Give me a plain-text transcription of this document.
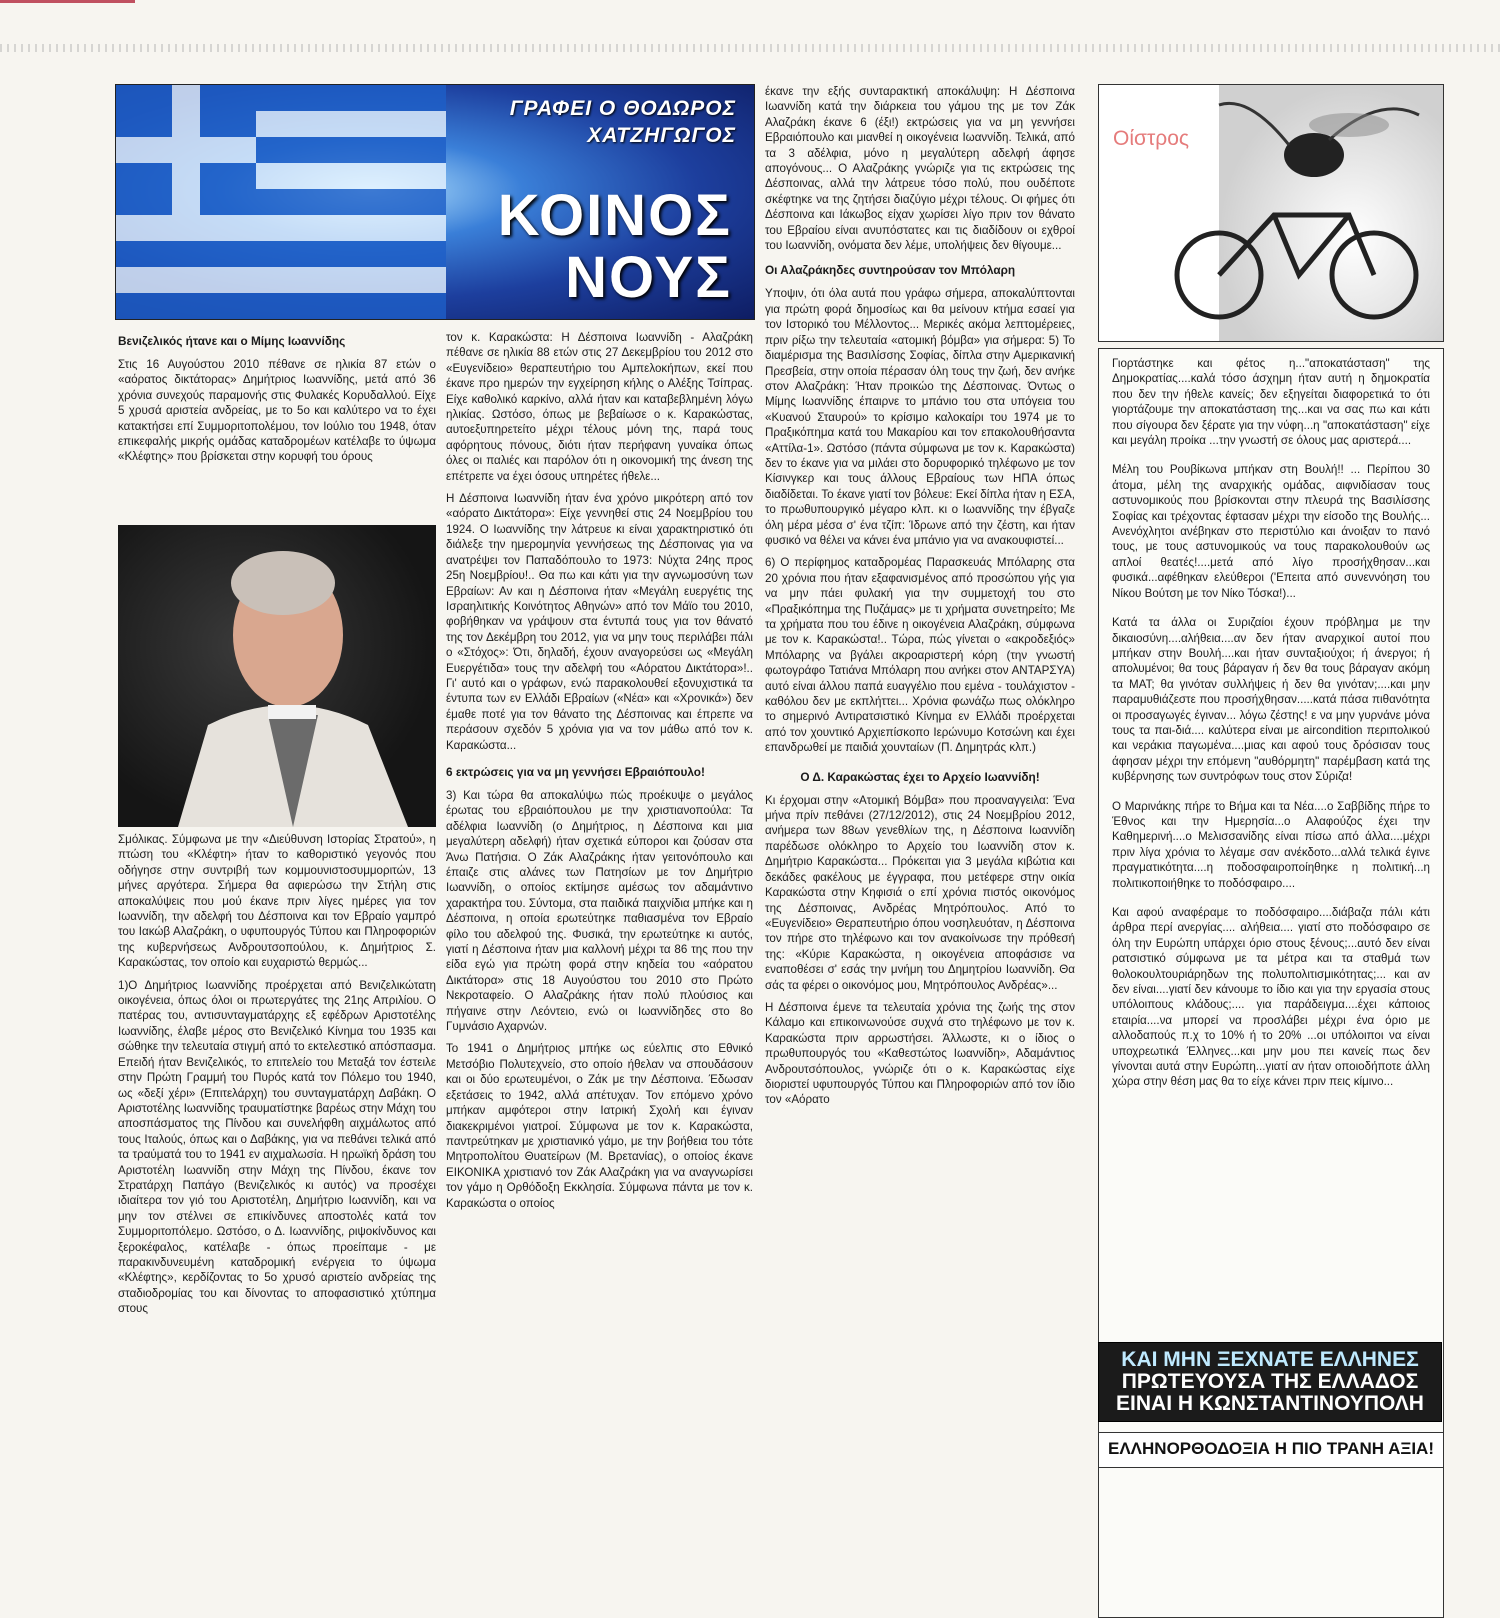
ΓΡΑΦΕΙ Ο ΘΟΔΩΡΟΣ
ΧΑΤΖΗΓΩΓΟΣ
ΚΟΙΝΟΣ
ΝΟΥΣ
Βενιζελικός ήτανε και ο Μίμης Ιωαννίδης

Στις 16 Αυγούστου 2010 πέθανε σε ηλικία 87 ετών ο «αόρατος δικτάτορας» Δημήτριος Ιωαννίδης, μετά από 36 χρόνια συνεχούς παραμονής στις Φυλακές Κορυδαλλού. Είχε 5 χρυσά αριστεία ανδρείας, με το 5ο και καλύτερο να το έχει κατακτήσει επί Συμμοριτοπολέμου, τον Ιούλιο του 1948, όταν επικεφαλής μικρής ομάδας καταδρομέων κατέλαβε το ύψωμα «Κλέφτης» που βρίσκεται στην κορυφή του όρους

Σμόλικας. Σύμφωνα με την «Διεύθυνση Ιστορίας Στρατού», η πτώση του «Κλέφτη» ήταν το καθοριστικό γεγονός που οδήγησε στην συντριβή των κομμουνιστοσυμμοριτών, 13 μήνες αργότερα. Σήμερα θα αφιερώσω την Στήλη στις αποκαλύψεις που μού έκανε πριν λίγες ημέρες για τον Ιωαννίδη, την αδελφή του Δέσποινα και τον Εβραίο γαμπρό του Ιακώβ Αλαζράκη, ο υφυπουργός Τύπου και Πληροφοριών της κυβερνήσεως Ανδρουτσοπούλου, κ. Δημήτριος Σ. Καρακώστας, τον οποίο και ευχαριστώ θερμώς...

1)Ο Δημήτριος Ιωαννίδης προέρχεται από Βενιζελικώτατη οικογένεια, όπως όλοι οι πρωτεργάτες της 21ης Απριλίου. Ο πατέρας του, αντισυνταγματάρχης εξ εφέδρων Αριστοτέλης Ιωαννίδης, έλαβε μέρος στο Βενιζελικό Κίνημα του 1935 και σώθηκε την τελευταία στιγμή από το εκτελεστικό απόσπασμα. Επειδή ήταν Βενιζελικός, το επιτελείο του Μεταξά τον έστειλε στην Πρώτη Γραμμή του Πυρός κατά τον Πόλεμο του 1940, ως «δεξί χέρι» (Επιτελάρχη) του συνταγματάρχη Δαβάκη. Ο Αριστοτέλης Ιωαννίδης τραυματίστηκε βαρέως στην Μάχη του αποσπάσματος της Πίνδου και συνελήφθη αιχμάλωτος από τους Ιταλούς, όπως και ο Δαβάκης, για να πεθάνει τελικά από τα τραύματά του το 1941 εν αιχμαλωσία. Η ηρωϊκή δράση του Αριστοτέλη Ιωαννίδη στην Μάχη της Πίνδου, έκανε τον Στρατάρχη Παπάγο (Βενιζελικός κι αυτός) να προσέχει ιδιαίτερα τον γιό του Αριστοτέλη, Δημήτριο Ιωαννίδη, και να μην τον στέλνει σε επικίνδυνες αποστολές κατά τον Συμμοριτοπόλεμο. Ωστόσο, ο Δ. Ιωαννίδης, ριψοκίνδυνος και ξεροκέφαλος, κατέλαβε - όπως προείπαμε - με παρακινδυνευμένη καταδρομική ενέργεια το ύψωμα «Κλέφτης», κερδίζοντας το 5ο χρυσό αριστείο ανδρείας της σταδιοδρομίας του και δίνοντας το αποφασιστικό χτύπημα στους

τον κ. Καρακώστα: Η Δέσποινα Ιωαννίδη - Αλαζράκη πέθανε σε ηλικία 88 ετών στις 27 Δεκεμβρίου του 2012 στο «Ευγενίδειο» θεραπευτήριο του Αμπελοκήπων, εκεί που έκανε προ ημερών την εγχείρηση κήλης ο Αλέξης Τσίπρας. Είχε καθολικό καρκίνο, αλλά ήταν και καταβεβλημένη λόγω ηλικίας. Ωστόσο, όπως με βεβαίωσε ο κ. Καρακώστας, αυτοεξυπηρετείτο μέχρι τέλους μόνη της, παρά τους αφόρητους πόνους, διότι ήταν περήφανη γυναίκα όπως όλες οι παλιές και παρόλον ότι η οικονομική της άνεση της επέτρεπε να έχει όσους υπηρέτες ήθελε...

Η Δέσποινα Ιωαννίδη ήταν ένα χρόνο μικρότερη από τον «αόρατο Δικτάτορα»: Είχε γεννηθεί στις 24 Νοεμβρίου του 1924. Ο Ιωαννίδης την λάτρευε κι είναι χαρακτηριστικό ότι διάλεξε την ημερομηνία γεννήσεως της Δέσποινας για να ανατρέψει τον Παπαδόπουλο το 1973: Νύχτα 24ης προς 25η Νοεμβρίου!.. Θα πω και κάτι για την αγνωμοσύνη των Εβραίων: Αν και η Δέσποινα ήταν «Μεγάλη ευεργέτις της Ισραηλιτικής Κοινότητος Αθηνών» από τον Μάϊο του 2010, φοβήθηκαν να γράψουν στα έντυπά τους για τον θάνατό της τον Δεκέμβρη του 2012, για να μην τους περιλάβει πάλι ο «Στόχος»: Ότι, δηλαδή, έχουν αναγορεύσει ως «Μεγάλη Ευεργέτιδα» τους την αδελφή του «Αόρατου Δικτάτορα»!.. Γι' αυτό και ο γράφων, ενώ παρακολουθεί εξονυχιστικά τα έντυπα των εν Ελλάδι Εβραίων («Νέα» και «Χρονικά») δεν έμαθε ποτέ για τον θάνατο της Δέσποινας και έπρεπε να περάσουν σχεδόν 5 χρόνια για να τον μάθω από τον κ. Καρακώστα...

6 εκτρώσεις για να μη γεννήσει Εβραιόπουλο!

3) Και τώρα θα αποκαλύψω πώς προέκυψε ο μεγάλος έρωτας του εβραιόπουλου με την χριστιανοπούλα: Τα αδέλφια Ιωαννίδη (ο Δημήτριος, η Δέσποινα και μια μεγαλύτερη αδελφή) ήταν σχετικά εύποροι και ζούσαν στα Άνω Πατήσια. Ο Ζάκ Αλαζράκης ήταν γειτονόπουλο και έπαιζε στις αλάνες των Πατησίων με τον Δημήτριο Ιωαννίδη, ο οποίος εκτίμησε αμέσως τον αδαμάντινο χαρακτήρα του. Σύντομα, στα παιδικά παιχνίδια μπήκε και η Δέσποινα, η οποία ερωτεύτηκε παθιασμένα τον Εβραίο φίλο του αδελφού της. Φυσικά, την ερωτεύτηκε κι αυτός, γιατί η Δέσποινα ήταν μια καλλονή μέχρι τα 86 της που την είδα εγώ για πρώτη φορά στην κηδεία του «αόρατου Δικτάτορα» στις 18 Αυγούστου του 2010 στο Πρώτο Νεκροταφείο. Ο Αλαζράκης ήταν πολύ πλούσιος και πήγαινε στην Λεόντειο, ενώ οι Ιωαννίδηδες στο 8ο Γυμνάσιο Αχαρνών.

Το 1941 ο Δημήτριος μπήκε ως εύελπις στο Εθνικό Μετσόβιο Πολυτεχνείο, στο οποίο ήθελαν να σπουδάσουν και οι δύο ερωτευμένοι, ο Ζάκ με την Δέσποινα. Έδωσαν εξετάσεις το 1942, αλλά απέτυχαν. Τον επόμενο χρόνο μπήκαν αμφότεροι στην Ιατρική Σχολή και έγιναν διακεκριμένοι γιατροί. Σύμφωνα με τον κ. Καρακώστα, παντρεύτηκαν με χριστιανικό γάμο, με την βοήθεια του τότε Μητροπολίτου Θυατείρων (Μ. Βρετανίας), ο οποίος έκανε ΕΙΚΟΝΙΚΑ χριστιανό τον Ζάκ Αλαζράκη για να αναγνωρίσει τον γάμο η Ορθόδοξη Εκκλησία. Σύμφωνα πάντα με τον κ. Καρακώστα ο οποίος

έκανε την εξής συνταρακτική αποκάλυψη: Η Δέσποινα Ιωαννίδη κατά την διάρκεια του γάμου της με τον Ζάκ Αλαζράκη έκανε 6 (έξι!) εκτρώσεις για να μη γεννήσει Εβραιόπουλο και μιανθεί η οικογένεια Ιωαννίδη. Τελικά, από τα 3 αδέλφια, μόνο η μεγαλύτερη αδελφή άφησε απογόνους... Ο Αλαζράκης γνώριζε για τις εκτρώσεις της Δέσποινας, αλλά την λάτρευε τόσο πολύ, που ουδέποτε σκέφτηκε να της ζητήσει διαζύγιο μέχρι τέλους. Οι φήμες ότι Δέσποινα και Ιάκωβος είχαν χωρίσει λίγο πριν τον θάνατο του Εβραίου είναι ανυπόστατες και τις διαδίδουν οι εχθροί του Ιωαννίδη, ονόματα δεν λέμε, υπολήψεις δεν θίγουμε...

Οι Αλαζράκηδες συντηρούσαν τον Μπόλαρη

Υποψιν, ότι όλα αυτά που γράφω σήμερα, αποκαλύπτονται για πρώτη φορά δημοσίως και θα μείνουν κτήμα εσαεί για τον Ιστορικό του Μέλλοντος... Μερικές ακόμα λεπτομέρειες, πριν ρίξω την τελευταία «ατομική βόμβα» για σήμερα: 5) Το διαμέρισμα της Βασιλίσσης Σοφίας, δίπλα στην Αμερικανική Πρεσβεία, στην οποία πέρασαν όλη τους την ζωή, δεν ανήκε στον Αλαζράκη: Ήταν προικώο της Δέσποινας. Όντως ο Μίμης Ιωαννίδης έπαιρνε το μπάνιο του στα υπόγεια του «Κυανού Σταυρού» το κρίσιμο καλοκαίρι του 1974 με το Πραξικόπημα κατά του Μακαρίου και τον επακολουθήσαντα «Αττίλα-1». Ωστόσο (πάντα σύμφωνα με τον κ. Καρακώστα) δεν το έκανε για να μιλάει στο δορυφορικό τηλέφωνο με τον Κίσινγκερ και τους άλλους Εβραίους των ΗΠΑ όπως διαδίδεται. Το έκανε γιατί τον βόλευε: Εκεί δίπλα ήταν η ΕΣΑ, το πρωθυπουργικό μέγαρο κλπ. κι ο Ιωαννίδης την έβγαζε όλη μέρα μέσα σ' ένα τζίπ: Ίδρωνε από την ζέστη, και ήταν φυσικό να θέλει να κάνει ένα μπάνιο για να ανακουφιστεί...

6) Ο περίφημος καταδρομέας Παρασκευάς Μπόλαρης στα 20 χρόνια που ήταν εξαφανισμένος από προσώπου γής για να μην πάει φυλακή για την συμμετοχή του στο «Πραξικόπημα της Πυζάμας» με τι χρήματα συνετηρείτο; Με τα χρήματα που του έδινε η οικογένεια Αλαζράκη, σύμφωνα με τον κ. Καρακώστα!.. Τώρα, πώς γίνεται ο «ακροδεξιός» Μπόλαρης να βγάλει ακροαριστερή κόρη (την γνωστή φωτογράφο Τατιάνα Μπόλαρη που ανήκει στον ΑΝΤΑΡΣΥΑ) αυτό είναι άλλου παπά ευαγγέλιο που εμένα - τουλάχιστον - καθόλου δεν με εκπλήττει... Χρόνια φωνάζω πως ολόκληρο το σημερινό Αντιρατσιστικό Κίνημα εν Ελλάδι προέρχεται από τον χουντικό Αρχιεπίσκοπο Ιερώνυμο Κοτσώνη και έχει επανδρωθεί με παιδιά χουνταίων (Π. Δημητράς κλπ.)

Ο Δ. Καρακώστας έχει το Αρχείο Ιωαννίδη!

Κι έρχομαι στην «Ατομική Βόμβα» που προαναγγειλα: Ένα μήνα πρίν πεθάνει (27/12/2012), στις 24 Νοεμβρίου 2012, ανήμερα των 88ων γενεθλίων της, η Δέσποινα Ιωαννίδη παρέδωσε ολόκληρο το Αρχείο του Ιωαννίδη στον κ. Δημήτριο Καρακώστα... Πρόκειται για 3 μεγάλα κιβώτια και δεκάδες φακέλους με έγγραφα, που μετέφερε στην οικία Καρακώστα στην Κηφισιά ο επί χρόνια πιστός οικονόμος της Δέσποινας, Ανδρέας Μητρόπουλος. Από το «Ευγενίδειο» Θεραπευτήριο όπου νοσηλευόταν, η Δέσποινα τον πήρε στο τηλέφωνο και τον ανακοίνωσε την πρόθεσή της: «Κύριε Καρακώστα, η οικογένεια αποφάσισε να εναποθέσει σ' εσάς την μνήμη του Δημητρίου Ιωαννίδη. Θα σάς τα φέρει ο οικονόμος μου, Μητρόπουλος Ανδρέας»...

Η Δέσποινα έμενε τα τελευταία χρόνια της ζωής της στον Κάλαμο και επικοινωνούσε συχνά στο τηλέφωνο με τον κ. Καρακώστα πριν αρρωστήσει. Άλλωστε, κι ο ίδιος ο πρωθυπουργός του «Καθεστώτος Ιωαννίδη», Αδαμάντιος Ανδρουτσόπουλος, γνώριζε ότι ο κ. Καρακώστας είχε διοριστεί υφυπουργός Τύπου και Πληροφοριών από τον ίδιο τον «Αόρατο

Οίστρος

Γιορτάστηκε και φέτος η..."αποκατάσταση" της Δημοκρατίας....καλά τόσο άσχημη ήταν αυτή η δημοκρατία που δεν την ήθελε κανείς; δεν εξηγείται διαφορετικά το ότι γιορτάζουμε την αποκατάσταση της...και να σας πω και κάτι που σίγουρα δεν ξέρατε για την νύφη...η "αποκατάσταση" είχε και μεγάλη προίκα ...την γνωστή σε όλους μας αριστερά....

Μέλη του Ρουβίκωνα μπήκαν στη Βουλή!! ... Περίπου 30 άτομα, μέλη της αναρχικής ομάδας, αιφνιδίασαν τους αστυνομικούς που βρίσκονται στην πλευρά της Βασιλίσσης Σοφίας και τρέχοντας έφτασαν μέχρι την είσοδο της Βουλής... Ανενόχλητοι ανέβηκαν στο περιστύλιο και άνοιξαν το πανό τους, με τους αστυνομικούς να τους παρακολουθούν ως απλοί θεατές!....μετά από λίγο προσήχθησαν...και φυσικά...αφέθηκαν ελεύθεροι ('Επειτα από συνεννόηση του Νίκου Βούτση με τον Νίκο Τόσκα!)...

Κατά τα άλλα οι Συριζαίοι έχουν πρόβλημα με την δικαιοσύνη....αλήθεια....αν δεν ήταν αναρχικοί αυτοί που μπήκαν στην Βουλή....και ήταν συνταξιούχοι; ή άνεργοι; ή απολυμένοι; θα τους βάραγαν ή δεν θα τους βάραγαν ακόμη τα ΜΑΤ; θα γινόταν συλλήψεις ή δεν θα γινόταν;....και μην παραμυθιάζεστε που προσήχθησαν.....κατά πάσα πιθανότητα οι προσαγωγές έγιναν... λόγω ζέστης! ε να μην γυρνάνε μόνα τους τα παι-διά.... καλύτερα είναι με aircondition περιπολικού και νεράκια παγωμένα....μιας και αφού τους δρόσισαν τους άφησαν μέχρι την επόμενη "αυθόρμητη" παρέμβαση κατά της κυβέρνησης των συντρόφων τους στον Σύριζα!

Ο Μαρινάκης πήρε το Βήμα και τα Νέα....ο Σαββίδης πήρε το Έθνος και την Ημερησία...ο Αλαφούζος έχει την Καθημερινή....ο Μελισσανίδης είναι πίσω από άλλα....μέχρι πριν λίγα χρόνια το λέγαμε σαν ανέκδοτο...αλλά τελικά έγινε πραγματικότητα....η ποδοσφαιροποίηθηκε η πολιτική...η πολιτικοποιήθηκε το ποδόσφαιρο....

Και αφού αναφέραμε το ποδόσφαιρο....διάβαζα πάλι κάτι άρθρα περί ανεργίας.... αλήθεια.... γιατί στο ποδόσφαιρο σε όλη την Ευρώπη υπάρχει όριο στους ξένους;...αυτό δεν είναι ρατσιστικό σύμφωνα με τα μέτρα και τα σταθμά των θολοκουλτουριάρηδων της πολυπολιτισμικότητας;... και αν δεν είναι....γιατί δεν κάνουμε το ίδιο και για την εργασία στους υπόλοιπους κλάδους;.... για παράδειγμα....έχει κάποιος εταιρία....να μπορεί να προσλάβει μέχρι ένα όριο με αλλοδαπούς π.χ το 10% ή το 20% ...οι υπόλοιποι να είναι υποχρεωτικά Έλληνες...και μην μου πει κανείς πως δεν γίνονται αυτά στην Ευρώπη...γιατί αν ήταν οποιοδήποτε άλλη χώρα στην θέση μας θα το είχε κάνει πριν πεις κίμινο...

ΚΑΙ ΜΗΝ ΞΕΧΝΑΤΕ ΕΛΛΗΝΕΣ
ΠΡΩΤΕΥΟΥΣΑ ΤΗΣ ΕΛΛΑΔΟΣ
ΕΙΝΑΙ Η ΚΩΝΣΤΑΝΤΙΝΟΥΠΟΛΗ
ΕΛΛΗΝΟΡΘΟΔΟΞΙΑ Η ΠΙΟ ΤΡΑΝΗ ΑΞΙΑ!
